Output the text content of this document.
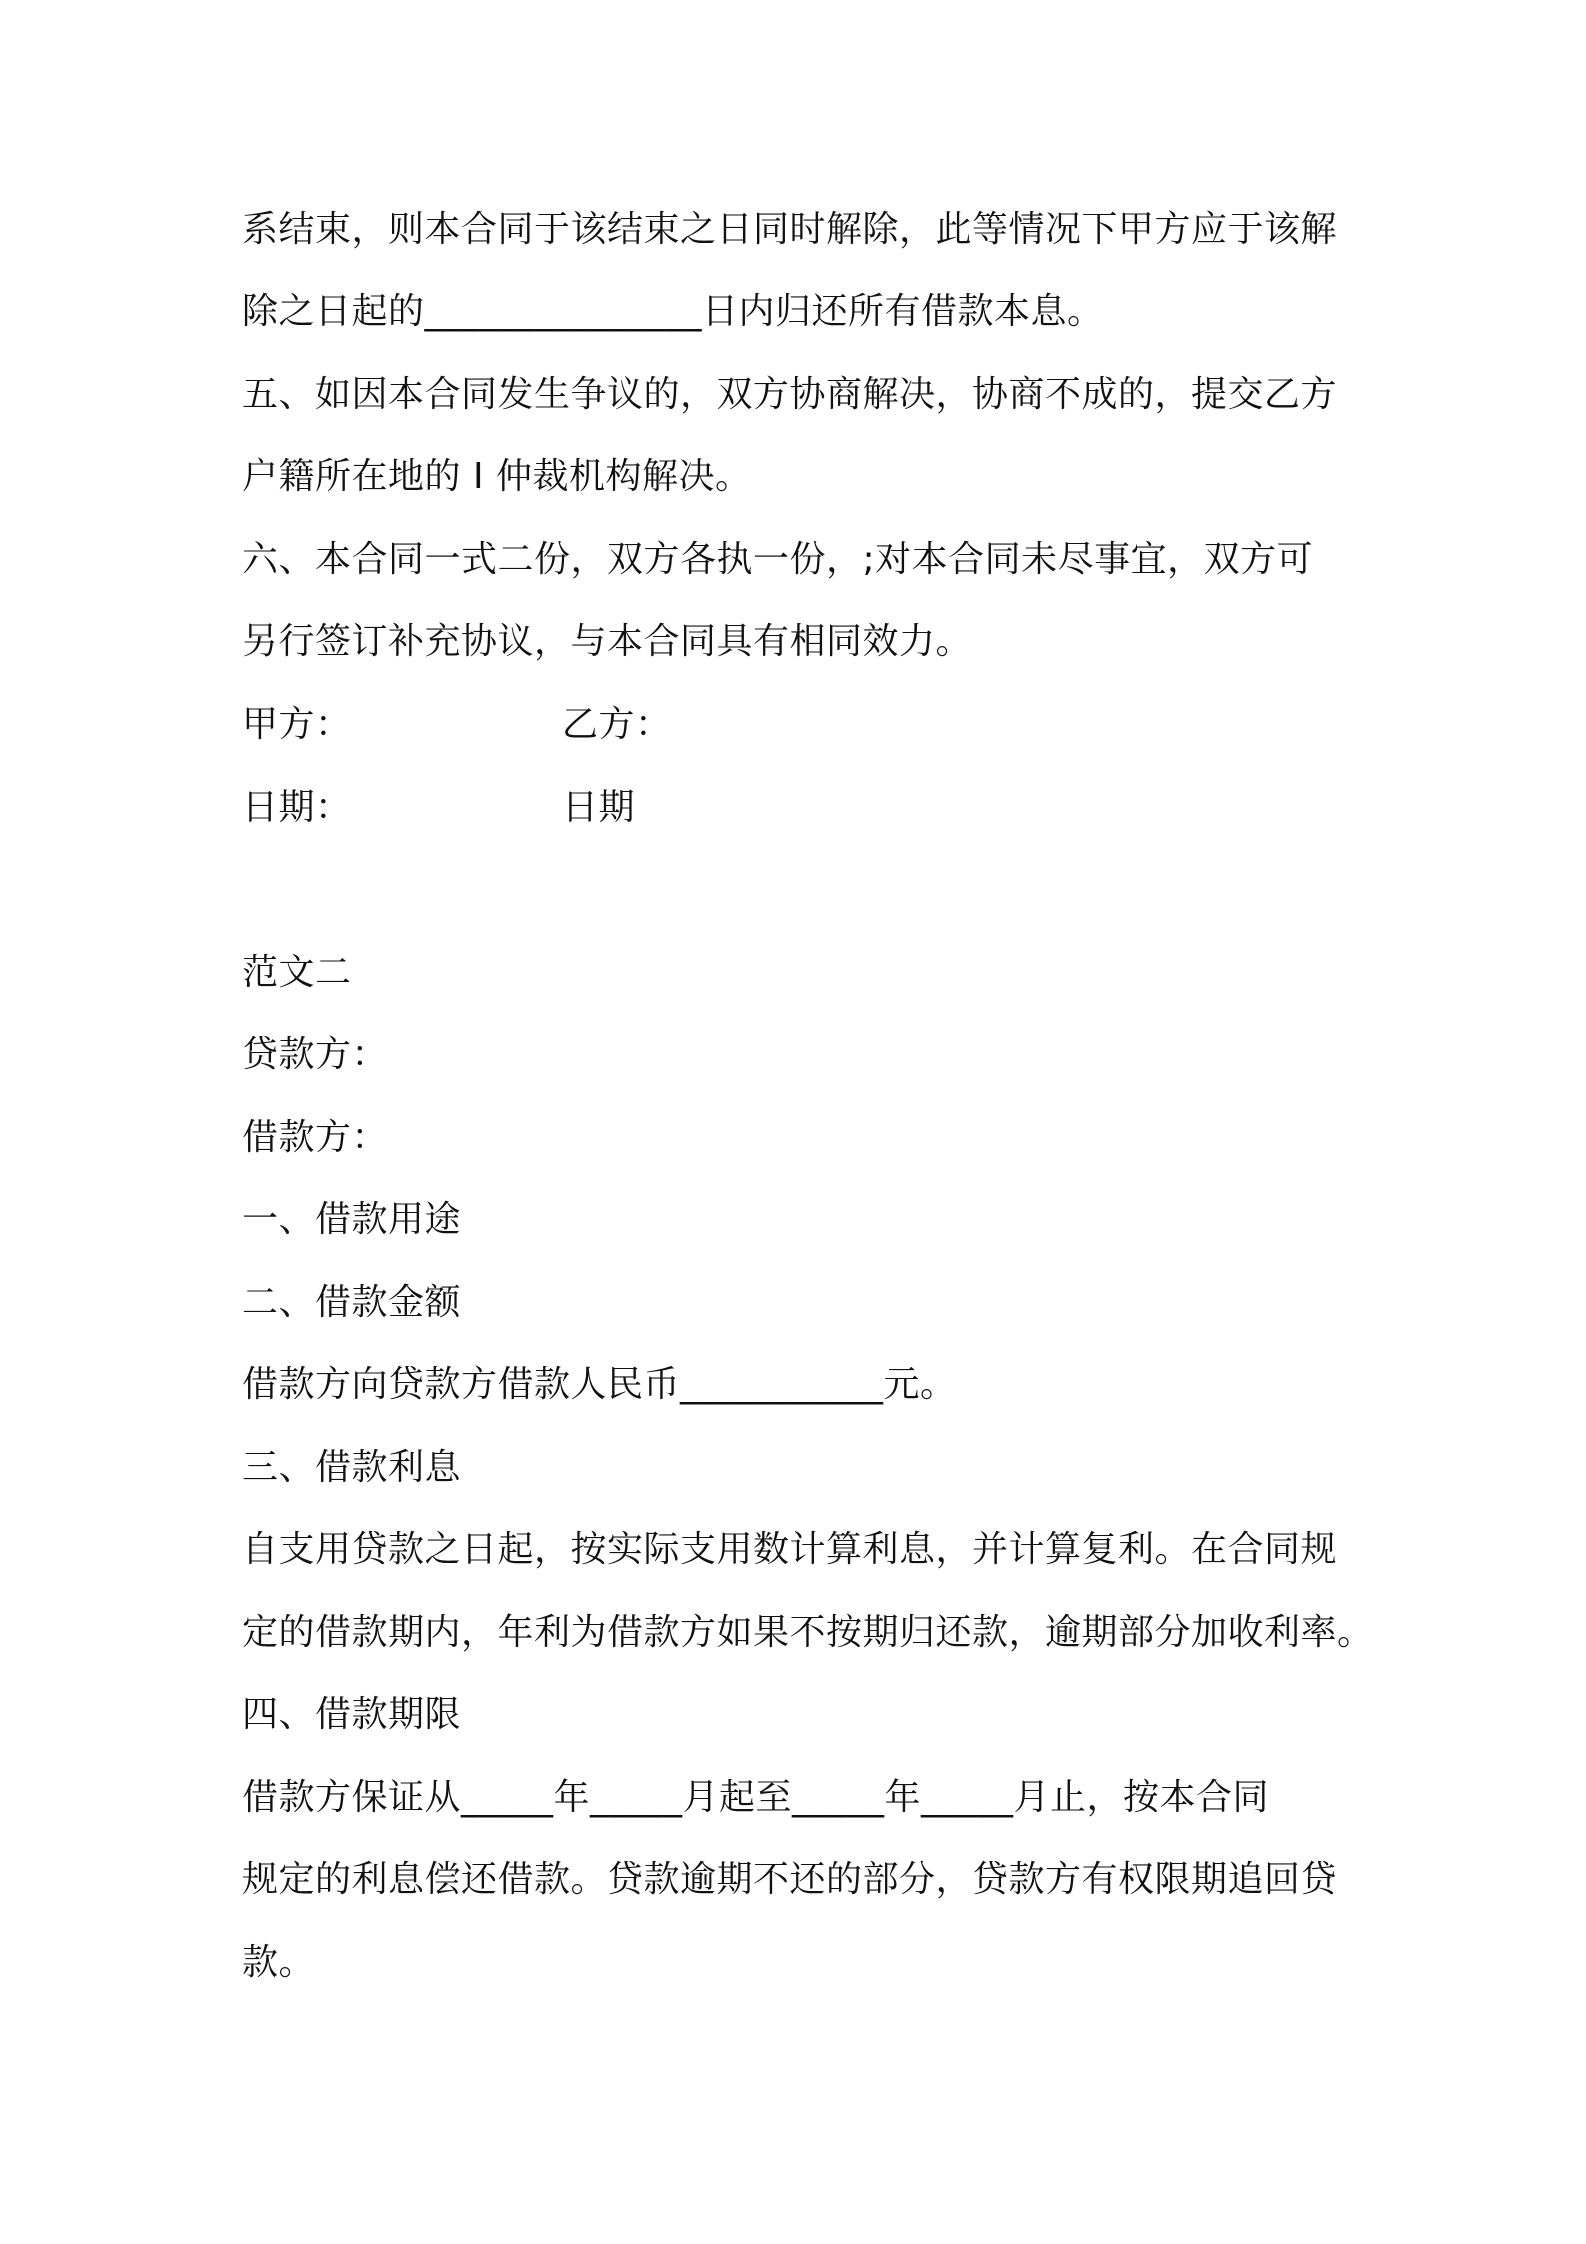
系结束，则本合同于该结束之日同时解除，此等情况下甲方应于该解
除之日起的_______________日内归还所有借款本息。
五、如因本合同发生争议的，双方协商解决，协商不成的，提交乙方
户籍所在地的 I 仲裁机构解决。
六、本合同一式二份，双方各执一份，;对本合同未尽事宜，双方可
另行签订补充协议，与本合同具有相同效力。
甲方：	乙方：
日期：	日期
范文二
贷款方：
借款方：
一、借款用途
二、借款金额
借款方向贷款方借款人民币___________元。
三、借款利息
自支用贷款之日起，按实际支用数计算利息，并计算复利。在合同规
定的借款期内，年利为借款方如果不按期归还款，逾期部分加收利率。
四、借款期限
借款方保证从_____年_____月起至_____年_____月止，按本合同
规定的利息偿还借款。贷款逾期不还的部分，贷款方有权限期追回贷
款。
